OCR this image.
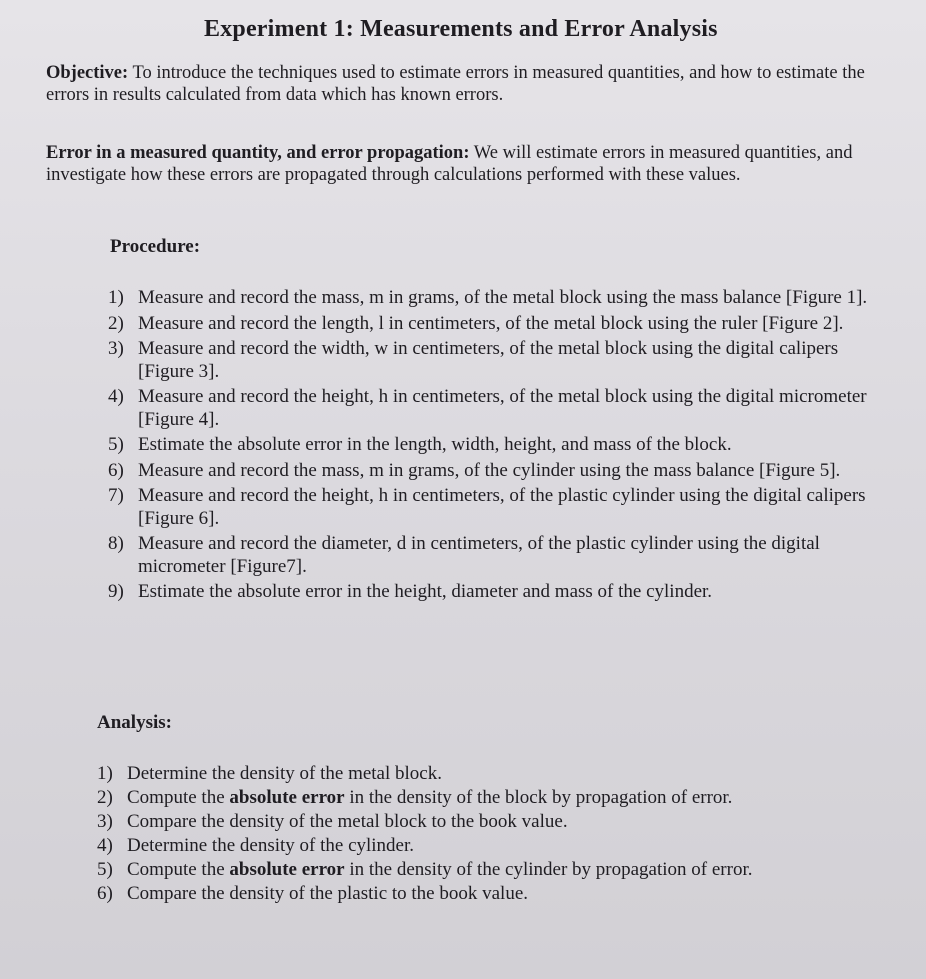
Experiment 1: Measurements and Error Analysis
Objective: To introduce the techniques used to estimate errors in measured quantities, and how to estimate the errors in results calculated from data which has known errors.
Error in a measured quantity, and error propagation: We will estimate errors in measured quantities, and investigate how these errors are propagated through calculations performed with these values.
Procedure:
1) Measure and record the mass, m in grams, of the metal block using the mass balance [Figure 1].
2) Measure and record the length, l in centimeters, of the metal block using the ruler [Figure 2].
3) Measure and record the width, w in centimeters, of the metal block using the digital calipers [Figure 3].
4) Measure and record the height, h in centimeters, of the metal block using the digital micrometer [Figure 4].
5) Estimate the absolute error in the length, width, height, and mass of the block.
6) Measure and record the mass, m in grams, of the cylinder using the mass balance [Figure 5].
7) Measure and record the height, h in centimeters, of the plastic cylinder using the digital calipers [Figure 6].
8) Measure and record the diameter, d in centimeters, of the plastic cylinder using the digital micrometer [Figure7].
9) Estimate the absolute error in the height, diameter and mass of the cylinder.
Analysis:
1) Determine the density of the metal block.
2) Compute the absolute error in the density of the block by propagation of error.
3) Compare the density of the metal block to the book value.
4) Determine the density of the cylinder.
5) Compute the absolute error in the density of the cylinder by propagation of error.
6) Compare the density of the plastic to the book value.
